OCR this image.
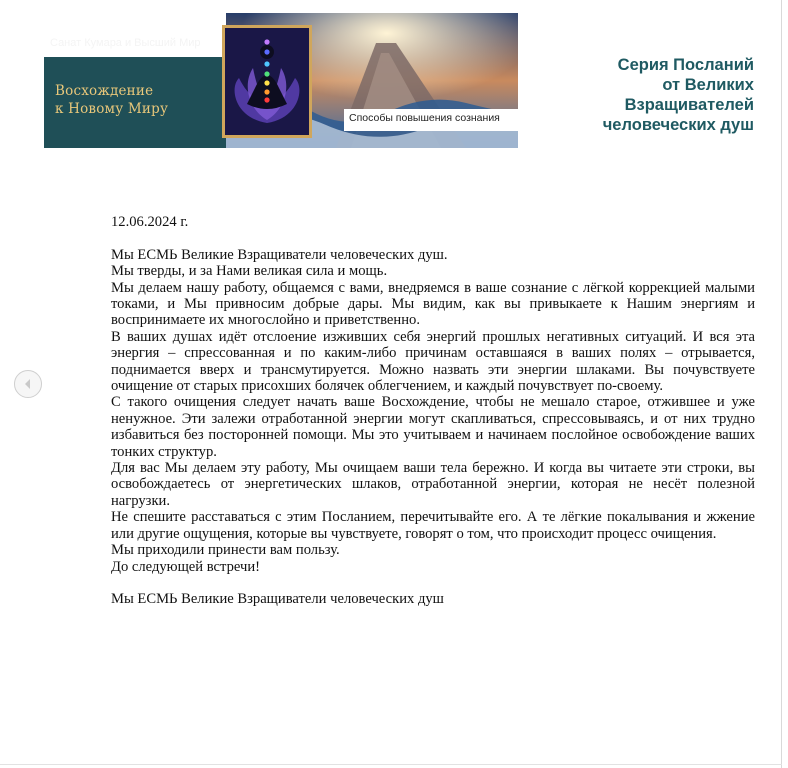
Санат Кумара и Высший Мир
Восхождение
к Новому Миру
Способы повышения сознания
Серия Посланий
от Великих
Взращивателей
человеческих душ
12.06.2024 г.

Мы ЕСМЬ Великие Взращиватели человеческих душ.

Мы тверды, и за Нами великая сила и мощь.

Мы делаем нашу работу, общаемся с вами, внедряемся в ваше сознание с лёгкой коррекцией малыми токами, и Мы привносим добрые дары. Мы видим, как вы привыкаете к Нашим энергиям и воспринимаете их многослойно и приветственно.

В ваших душах идёт отслоение изживших себя энергий прошлых негативных ситуаций. И вся эта энергия – спрессованная и по каким-либо причинам оставшаяся в ваших полях – отрывается, поднимается вверх и трансмутируется. Можно назвать эти энергии шлаками. Вы почувствуете очищение от старых присохших болячек облегчением, и каждый почувствует по-своему.

С такого очищения следует начать ваше Восхождение, чтобы не мешало старое, отжившее и уже ненужное. Эти залежи отработанной энергии могут скапливаться, спрессовываясь, и от них трудно избавиться без посторонней помощи. Мы это учитываем и начинаем послойное освобождение ваших тонких структур.

Для вас Мы делаем эту работу, Мы очищаем ваши тела бережно. И когда вы читаете эти строки, вы освобождаетесь от энергетических шлаков, отработанной энергии, которая не несёт полезной нагрузки.

Не спешите расставаться с этим Посланием, перечитывайте его. А те лёгкие покалывания и жжение или другие ощущения, которые вы чувствуете, говорят о том, что происходит процесс очищения.

Мы приходили принести вам пользу.

До следующей встречи!

Мы ЕСМЬ Великие Взращиватели человеческих душ
